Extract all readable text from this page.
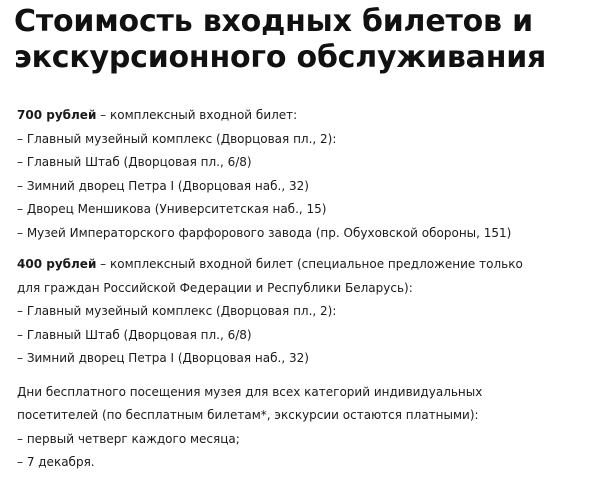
Стоимость входных билетов и
экскурсионного обслуживания
700 рублей – комплексный входной билет:
– Главный музейный комплекс (Дворцовая пл., 2):
– Главный Штаб (Дворцовая пл., 6/8)
– Зимний дворец Петра I (Дворцовая наб., 32)
– Дворец Меншикова (Университетская наб., 15)
– Музей Императорского фарфорового завода (пр. Обуховской обороны, 151)
400 рублей – комплексный входной билет (специальное предложение только
для граждан Российской Федерации и Республики Беларусь):
– Главный музейный комплекс (Дворцовая пл., 2):
– Главный Штаб (Дворцовая пл., 6/8)
– Зимний дворец Петра I (Дворцовая наб., 32)
Дни бесплатного посещения музея для всех категорий индивидуальных
посетителей (по бесплатным билетам*, экскурсии остаются платными):
– первый четверг каждого месяца;
– 7 декабря.
